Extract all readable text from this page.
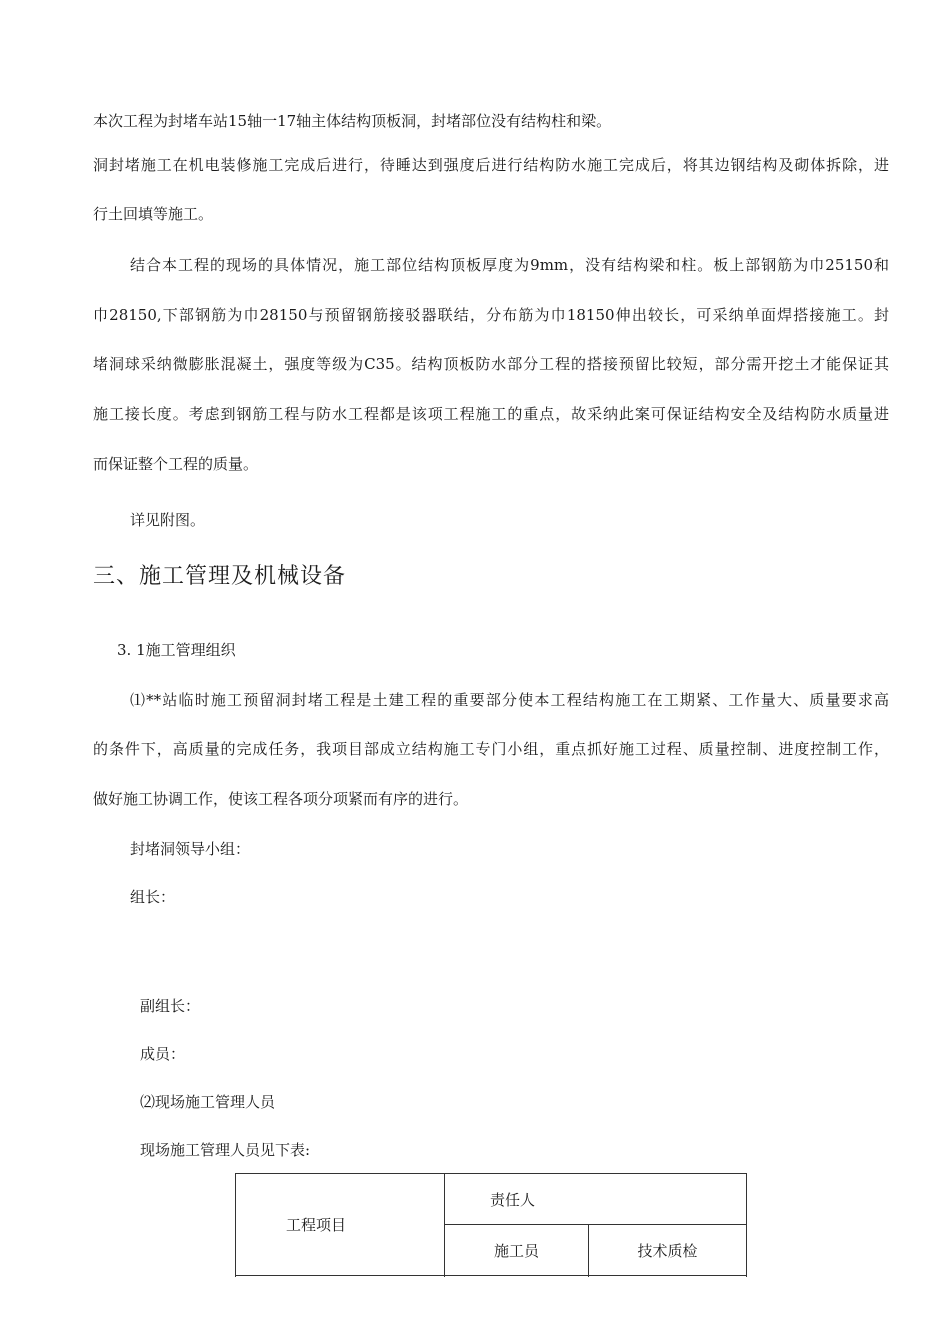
本次工程为封堵车站15轴一17轴主体结构顶板洞，封堵部位没有结构柱和梁。
洞封堵施工在机电装修施工完成后进行，待睡达到强度后进行结构防水施工完成后，将其边钢结构及砌体拆除，进
行土回填等施工。
结合本工程的现场的具体情况，施工部位结构顶板厚度为9mm，没有结构梁和柱。板上部钢筋为巾25150和
巾28150,下部钢筋为巾28150与预留钢筋接驳器联结，分布筋为巾18150伸出较长，可采纳单面焊搭接施工。封
堵洞球采纳微膨胀混凝土，强度等级为C35。结构顶板防水部分工程的搭接预留比较短，部分需开挖土才能保证其
施工接长度。考虑到钢筋工程与防水工程都是该项工程施工的重点，故采纳此案可保证结构安全及结构防水质量进
而保证整个工程的质量。
详见附图。
三、施工管理及机械设备
3. 1施工管理组织
⑴**站临时施工预留洞封堵工程是土建工程的重要部分使本工程结构施工在工期紧、工作量大、质量要求高
的条件下，高质量的完成任务，我项目部成立结构施工专门小组，重点抓好施工过程、质量控制、进度控制工作，
做好施工协调工作，使该工程各项分项紧而有序的进行。
封堵洞领导小组：
组长：
副组长：
成员：
⑵现场施工管理人员
现场施工管理人员见下表:
工程项目	责任人	
	施工员	技术质检
